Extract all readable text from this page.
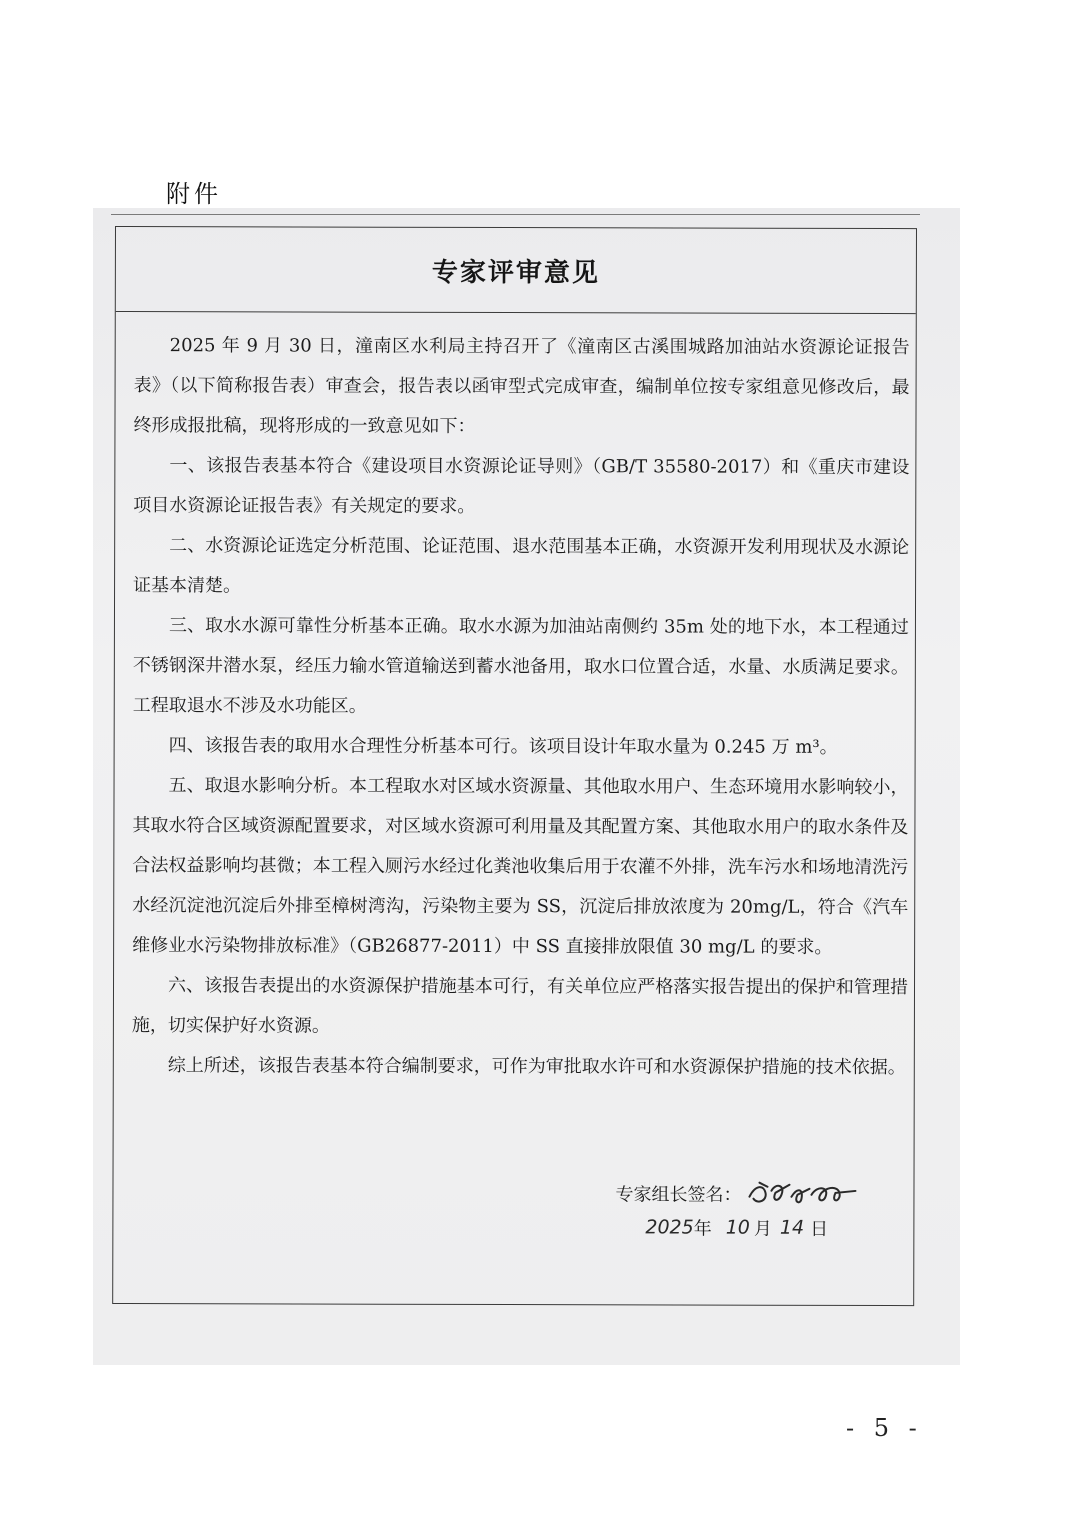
附件
专家评审意见

2025 年 9 月 30 日，潼南区水利局主持召开了《潼南区古溪围城路加油站水资源论证报告表》（以下简称报告表）审查会，报告表以函审型式完成审查，编制单位按专家组意见修改后，最终形成报批稿，现将形成的一致意见如下：

一、该报告表基本符合《建设项目水资源论证导则》（GB/T 35580-2017）和《重庆市建设项目水资源论证报告表》有关规定的要求。

二、水资源论证选定分析范围、论证范围、退水范围基本正确，水资源开发利用现状及水源论证基本清楚。

三、取水水源可靠性分析基本正确。取水水源为加油站南侧约 35m 处的地下水，本工程通过不锈钢深井潜水泵，经压力输水管道输送到蓄水池备用，取水口位置合适，水量、水质满足要求。工程取退水不涉及水功能区。

四、该报告表的取用水合理性分析基本可行。该项目设计年取水量为 0.245 万 m³。

五、取退水影响分析。本工程取水对区域水资源量、其他取水用户、生态环境用水影响较小，其取水符合区域资源配置要求，对区域水资源可利用量及其配置方案、其他取水用户的取水条件及合法权益影响均甚微；本工程入厕污水经过化粪池收集后用于农灌不外排，洗车污水和场地清洗污水经沉淀池沉淀后外排至樟树湾沟，污染物主要为 SS，沉淀后排放浓度为 20mg/L，符合《汽车维修业水污染物排放标准》（GB26877-2011）中 SS 直接排放限值 30 mg/L 的要求。

六、该报告表提出的水资源保护措施基本可行，有关单位应严格落实报告提出的保护和管理措施，切实保护好水资源。

综上所述，该报告表基本符合编制要求，可作为审批取水许可和水资源保护措施的技术依据。

专家组长签名：
2025 年 10 月 14 日
- 5 -
